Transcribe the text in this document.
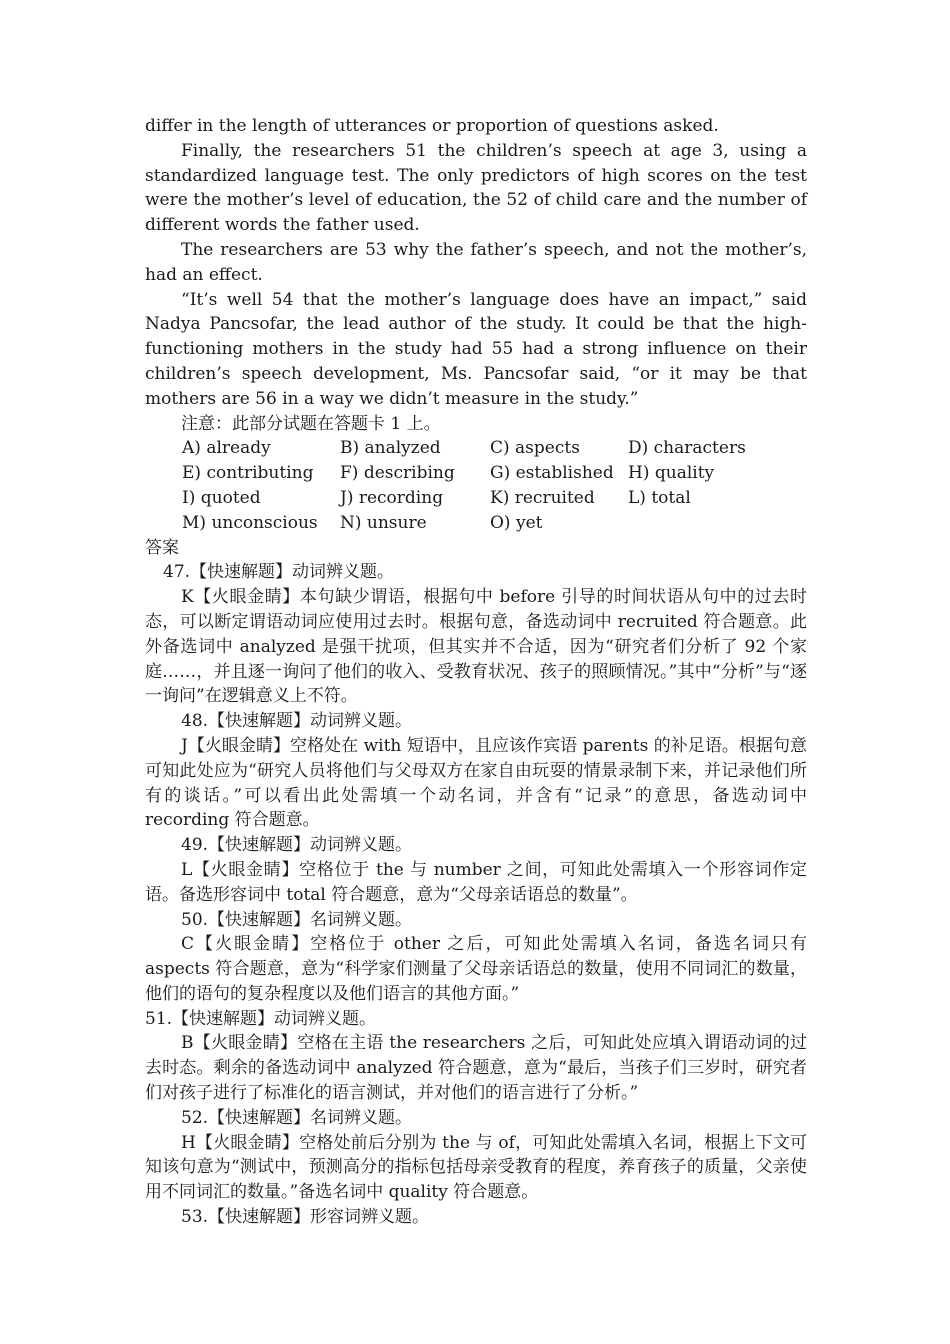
differ in the length of utterances or proportion of questions asked.

Finally, the researchers 51 the children’s speech at age 3, using a standardized language test. The only predictors of high scores on the test were the mother’s level of education, the 52 of child care and the number of different words the father used.

The researchers are 53 why the father’s speech, and not the mother’s, had an effect.

“It’s well 54 that the mother’s language does have an impact,” said Nadya Pancsofar, the lead author of the study. It could be that the high-functioning mothers in the study had 55 had a strong influence on their children’s speech development, Ms. Pancsofar said, “or it may be that mothers are 56 in a way we didn’t measure in the study.”

注意：此部分试题在答题卡 1 上。

A) already	B) analyzed	C) aspects	D) characters
E) contributing	F) describing	G) established H) quality
I) quoted	J) recording	K) recruited	L) total
M) unconscious	N) unsure	O) yet

答案

47.【快速解题】动词辨义题。

K【火眼金睛】本句缺少谓语，根据句中 before 引导的时间状语从句中的过去时态，可以断定谓语动词应使用过去时。根据句意，备选动词中 recruited 符合题意。此外备选词中 analyzed 是强干扰项，但其实并不合适，因为“研究者们分析了 92 个家庭……，并且逐一询问了他们的收入、受教育状况、孩子的照顾情况。”其中“分析”与“逐一询问”在逻辑意义上不符。

48.【快速解题】动词辨义题。

J【火眼金睛】空格处在 with 短语中，且应该作宾语 parents 的补足语。根据句意可知此处应为“研究人员将他们与父母双方在家自由玩耍的情景录制下来，并记录他们所有的谈话。”可以看出此处需填一个动名词，并含有“记录”的意思，备选动词中 recording 符合题意。

49.【快速解题】动词辨义题。

L【火眼金睛】空格位于 the 与 number 之间，可知此处需填入一个形容词作定语。备选形容词中 total 符合题意，意为“父母亲话语总的数量”。

50.【快速解题】名词辨义题。

C【火眼金睛】空格位于 other 之后，可知此处需填入名词，备选名词只有 aspects 符合题意，意为“科学家们测量了父母亲话语总的数量，使用不同词汇的数量，他们的语句的复杂程度以及他们语言的其他方面。”

51.【快速解题】动词辨义题。

B【火眼金睛】空格在主语 the researchers 之后，可知此处应填入谓语动词的过去时态。剩余的备选动词中 analyzed 符合题意，意为“最后，当孩子们三岁时，研究者们对孩子进行了标准化的语言测试，并对他们的语言进行了分析。”

52.【快速解题】名词辨义题。

H【火眼金睛】空格处前后分别为 the 与 of，可知此处需填入名词，根据上下文可知该句意为“测试中，预测高分的指标包括母亲受教育的程度，养育孩子的质量，父亲使用不同词汇的数量。”备选名词中 quality 符合题意。

53.【快速解题】形容词辨义题。
